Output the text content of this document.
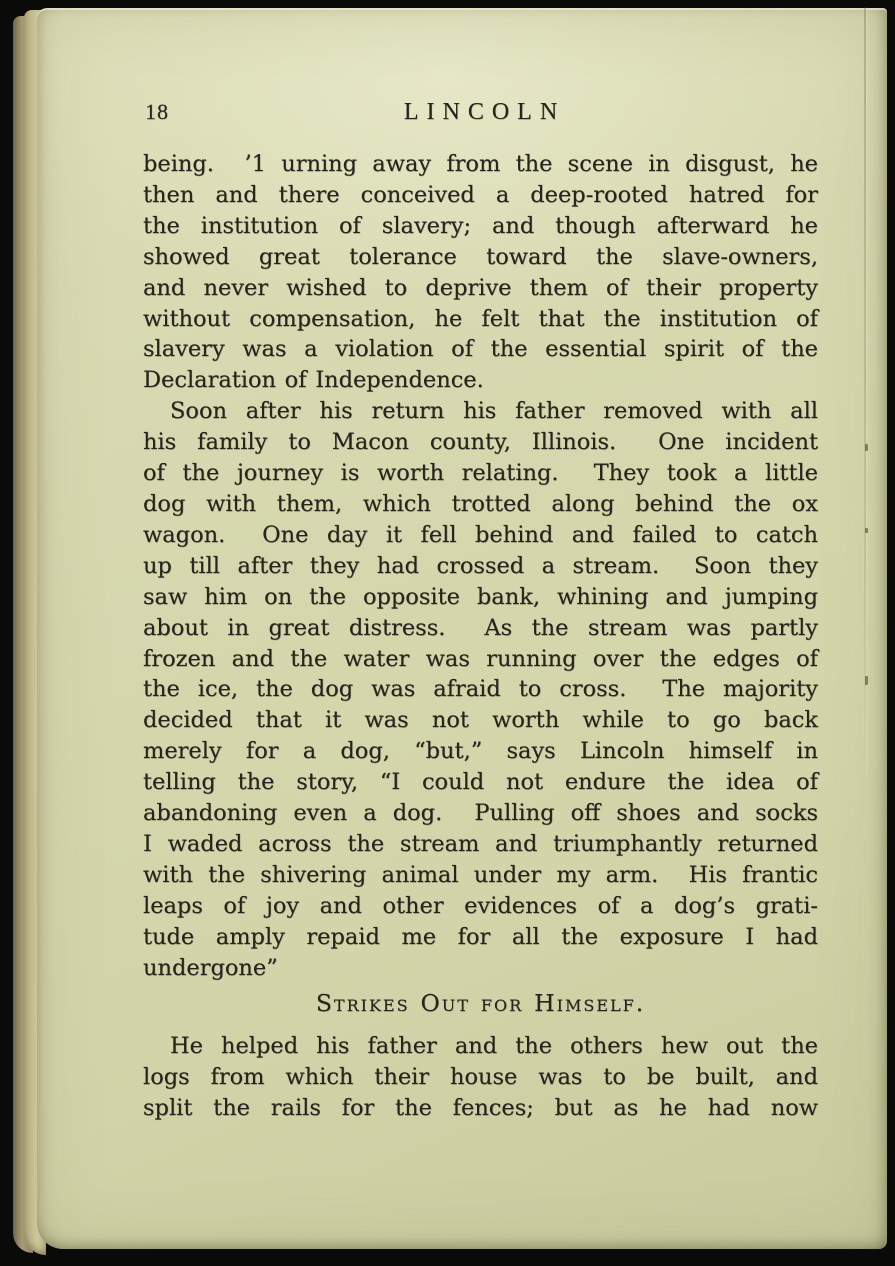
18	LINCOLN
being.  ’1 urning away from the scene in disgust, he
then and there conceived a deep-rooted hatred for
the institution of slavery; and though afterward he
showed great tolerance toward the slave-owners,
and never wished to deprive them of their property
without compensation, he felt that the institution of
slavery was a violation of the essential spirit of the
Declaration of Independence.
Soon after his return his father removed with all
his family to Macon county, Illinois.  One incident
of the journey is worth relating.  They took a little
dog with them, which trotted along behind the ox
wagon.  One day it fell behind and failed to catch
up till after they had crossed a stream.  Soon they
saw him on the opposite bank, whining and jumping
about in great distress.  As the stream was partly
frozen and the water was running over the edges of
the ice, the dog was afraid to cross.  The majority
decided that it was not worth while to go back
merely for a dog, “but,” says Lincoln himself in
telling the story, “I could not endure the idea of
abandoning even a dog.  Pulling off shoes and socks
I waded across the stream and triumphantly returned
with the shivering animal under my arm.  His frantic
leaps of joy and other evidences of a dog’s grati-
tude amply repaid me for all the exposure I had
undergone”
Strikes Out for Himself.
He helped his father and the others hew out the
logs from which their house was to be built, and
split the rails for the fences; but as he had now
